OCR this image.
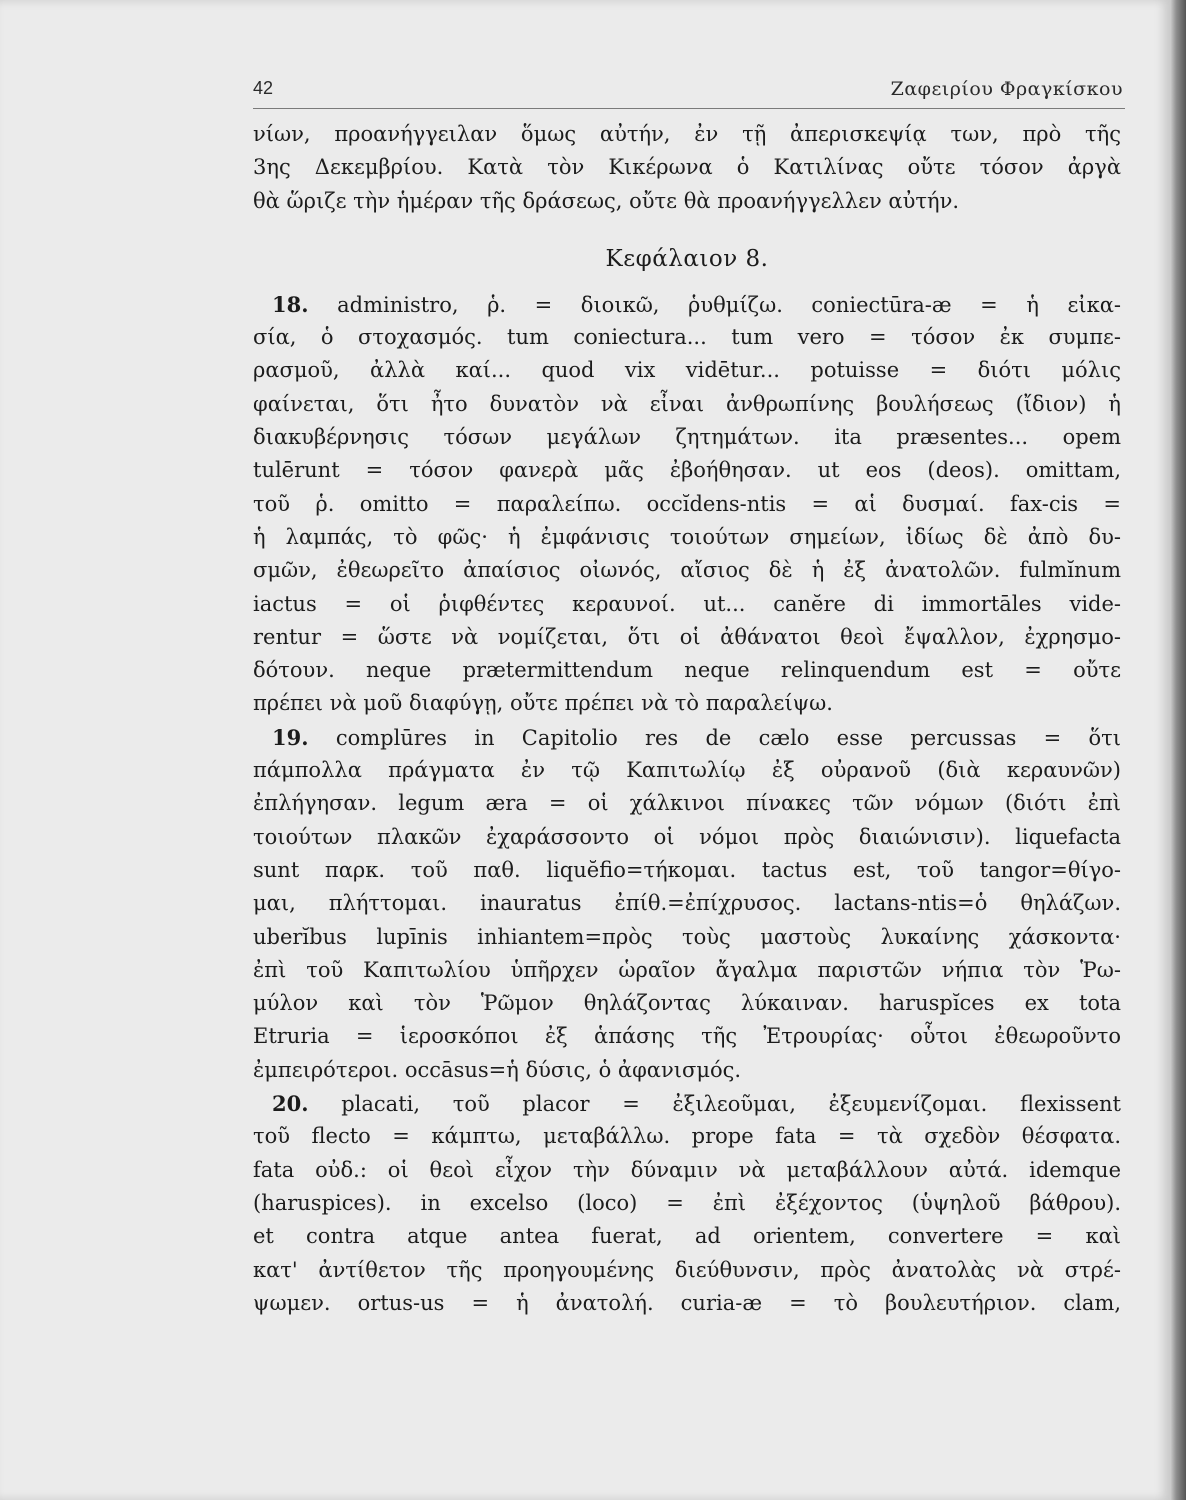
42	Ζαφειρίου Φραγκίσκου
νίων, προανήγγειλαν ὅμως αὐτήν, ἐν τῇ ἀπερισκεψίᾳ των, πρὸ τῆς
3ης Δεκεμβρίου. Κατὰ τὸν Κικέρωνα ὁ Κατιλίνας οὔτε τόσον ἀργὰ
θὰ ὥριζε τὴν ἡμέραν τῆς δράσεως, οὔτε θὰ προανήγγελλεν αὐτήν.
Κεφάλαιον 8.
18. administro, ῥ. = διοικῶ, ῥυθμίζω. coniectūra-æ = ἡ εἰκα-
σία, ὁ στοχασμός. tum coniectura... tum vero = τόσον ἐκ συμπε-
ρασμοῦ, ἀλλὰ καί... quod vix vidētur... potuisse = διότι μόλις
φαίνεται, ὅτι ἦτο δυνατὸν νὰ εἶναι ἀνθρωπίνης βουλήσεως (ἴδιον) ἡ
διακυβέρνησις τόσων μεγάλων ζητημάτων. ita præsentes... opem
tulērunt = τόσον φανερὰ μᾶς ἐβοήθησαν. ut eos (deos). omittam,
τοῦ ῥ. omitto = παραλείπω. occĭdens-ntis = αἱ δυσμαί. fax-cis =
ἡ λαμπάς, τὸ φῶς· ἡ ἐμφάνισις τοιούτων σημείων, ἰδίως δὲ ἀπὸ δυ-
σμῶν, ἐθεωρεῖτο ἀπαίσιος οἰωνός, αἴσιος δὲ ἡ ἐξ ἀνατολῶν. fulmĭnum
iactus = οἱ ῥιφθέντες κεραυνοί. ut... canĕre di immortāles vide-
rentur = ὥστε νὰ νομίζεται, ὅτι οἱ ἀθάνατοι θεοὶ ἔψαλλον, ἐχρησμο-
δότουν. neque prætermittendum neque relinquendum est = οὔτε
πρέπει νὰ μοῦ διαφύγῃ, οὔτε πρέπει νὰ τὸ παραλείψω.
19. complūres in Capitolio res de cælo esse percussas = ὅτι
πάμπολλα πράγματα ἐν τῷ Καπιτωλίῳ ἐξ οὐρανοῦ (διὰ κεραυνῶν)
ἐπλήγησαν. legum æra = οἱ χάλκινοι πίνακες τῶν νόμων (διότι ἐπὶ
τοιούτων πλακῶν ἐχαράσσοντο οἱ νόμοι πρὸς διαιώνισιν). liquefacta
sunt παρκ. τοῦ παθ. liquĕfio=τήκομαι. tactus est, τοῦ tangor=θίγο-
μαι, πλήττομαι. inauratus ἐπίθ.=ἐπίχρυσος. lactans-ntis=ὁ θηλάζων.
uberĭbus lupīnis inhiantem=πρὸς τοὺς μαστοὺς λυκαίνης χάσκοντα·
ἐπὶ τοῦ Καπιτωλίου ὑπῆρχεν ὡραῖον ἄγαλμα παριστῶν νήπια τὸν Ῥω-
μύλον καὶ τὸν Ῥῶμον θηλάζοντας λύκαιναν. haruspĭces ex tota
Etruria = ἱεροσκόποι ἐξ ἁπάσης τῆς Ἐτρουρίας· οὗτοι ἐθεωροῦντο
ἐμπειρότεροι. occāsus=ἡ δύσις, ὁ ἀφανισμός.
20. placati, τοῦ placor = ἐξιλεοῦμαι, ἐξευμενίζομαι. flexissent
τοῦ flecto = κάμπτω, μεταβάλλω. prope fata = τὰ σχεδὸν θέσφατα.
fata οὐδ.: οἱ θεοὶ εἶχον τὴν δύναμιν νὰ μεταβάλλουν αὐτά. idemque
(haruspices). in excelso (loco) = ἐπὶ ἐξέχοντος (ὑψηλοῦ βάθρου).
et contra atque antea fuerat, ad orientem, convertere = καὶ
κατ' ἀντίθετον τῆς προηγουμένης διεύθυνσιν, πρὸς ἀνατολὰς νὰ στρέ-
ψωμεν. ortus-us = ἡ ἀνατολή. curia-æ = τὸ βουλευτήριον. clam,
